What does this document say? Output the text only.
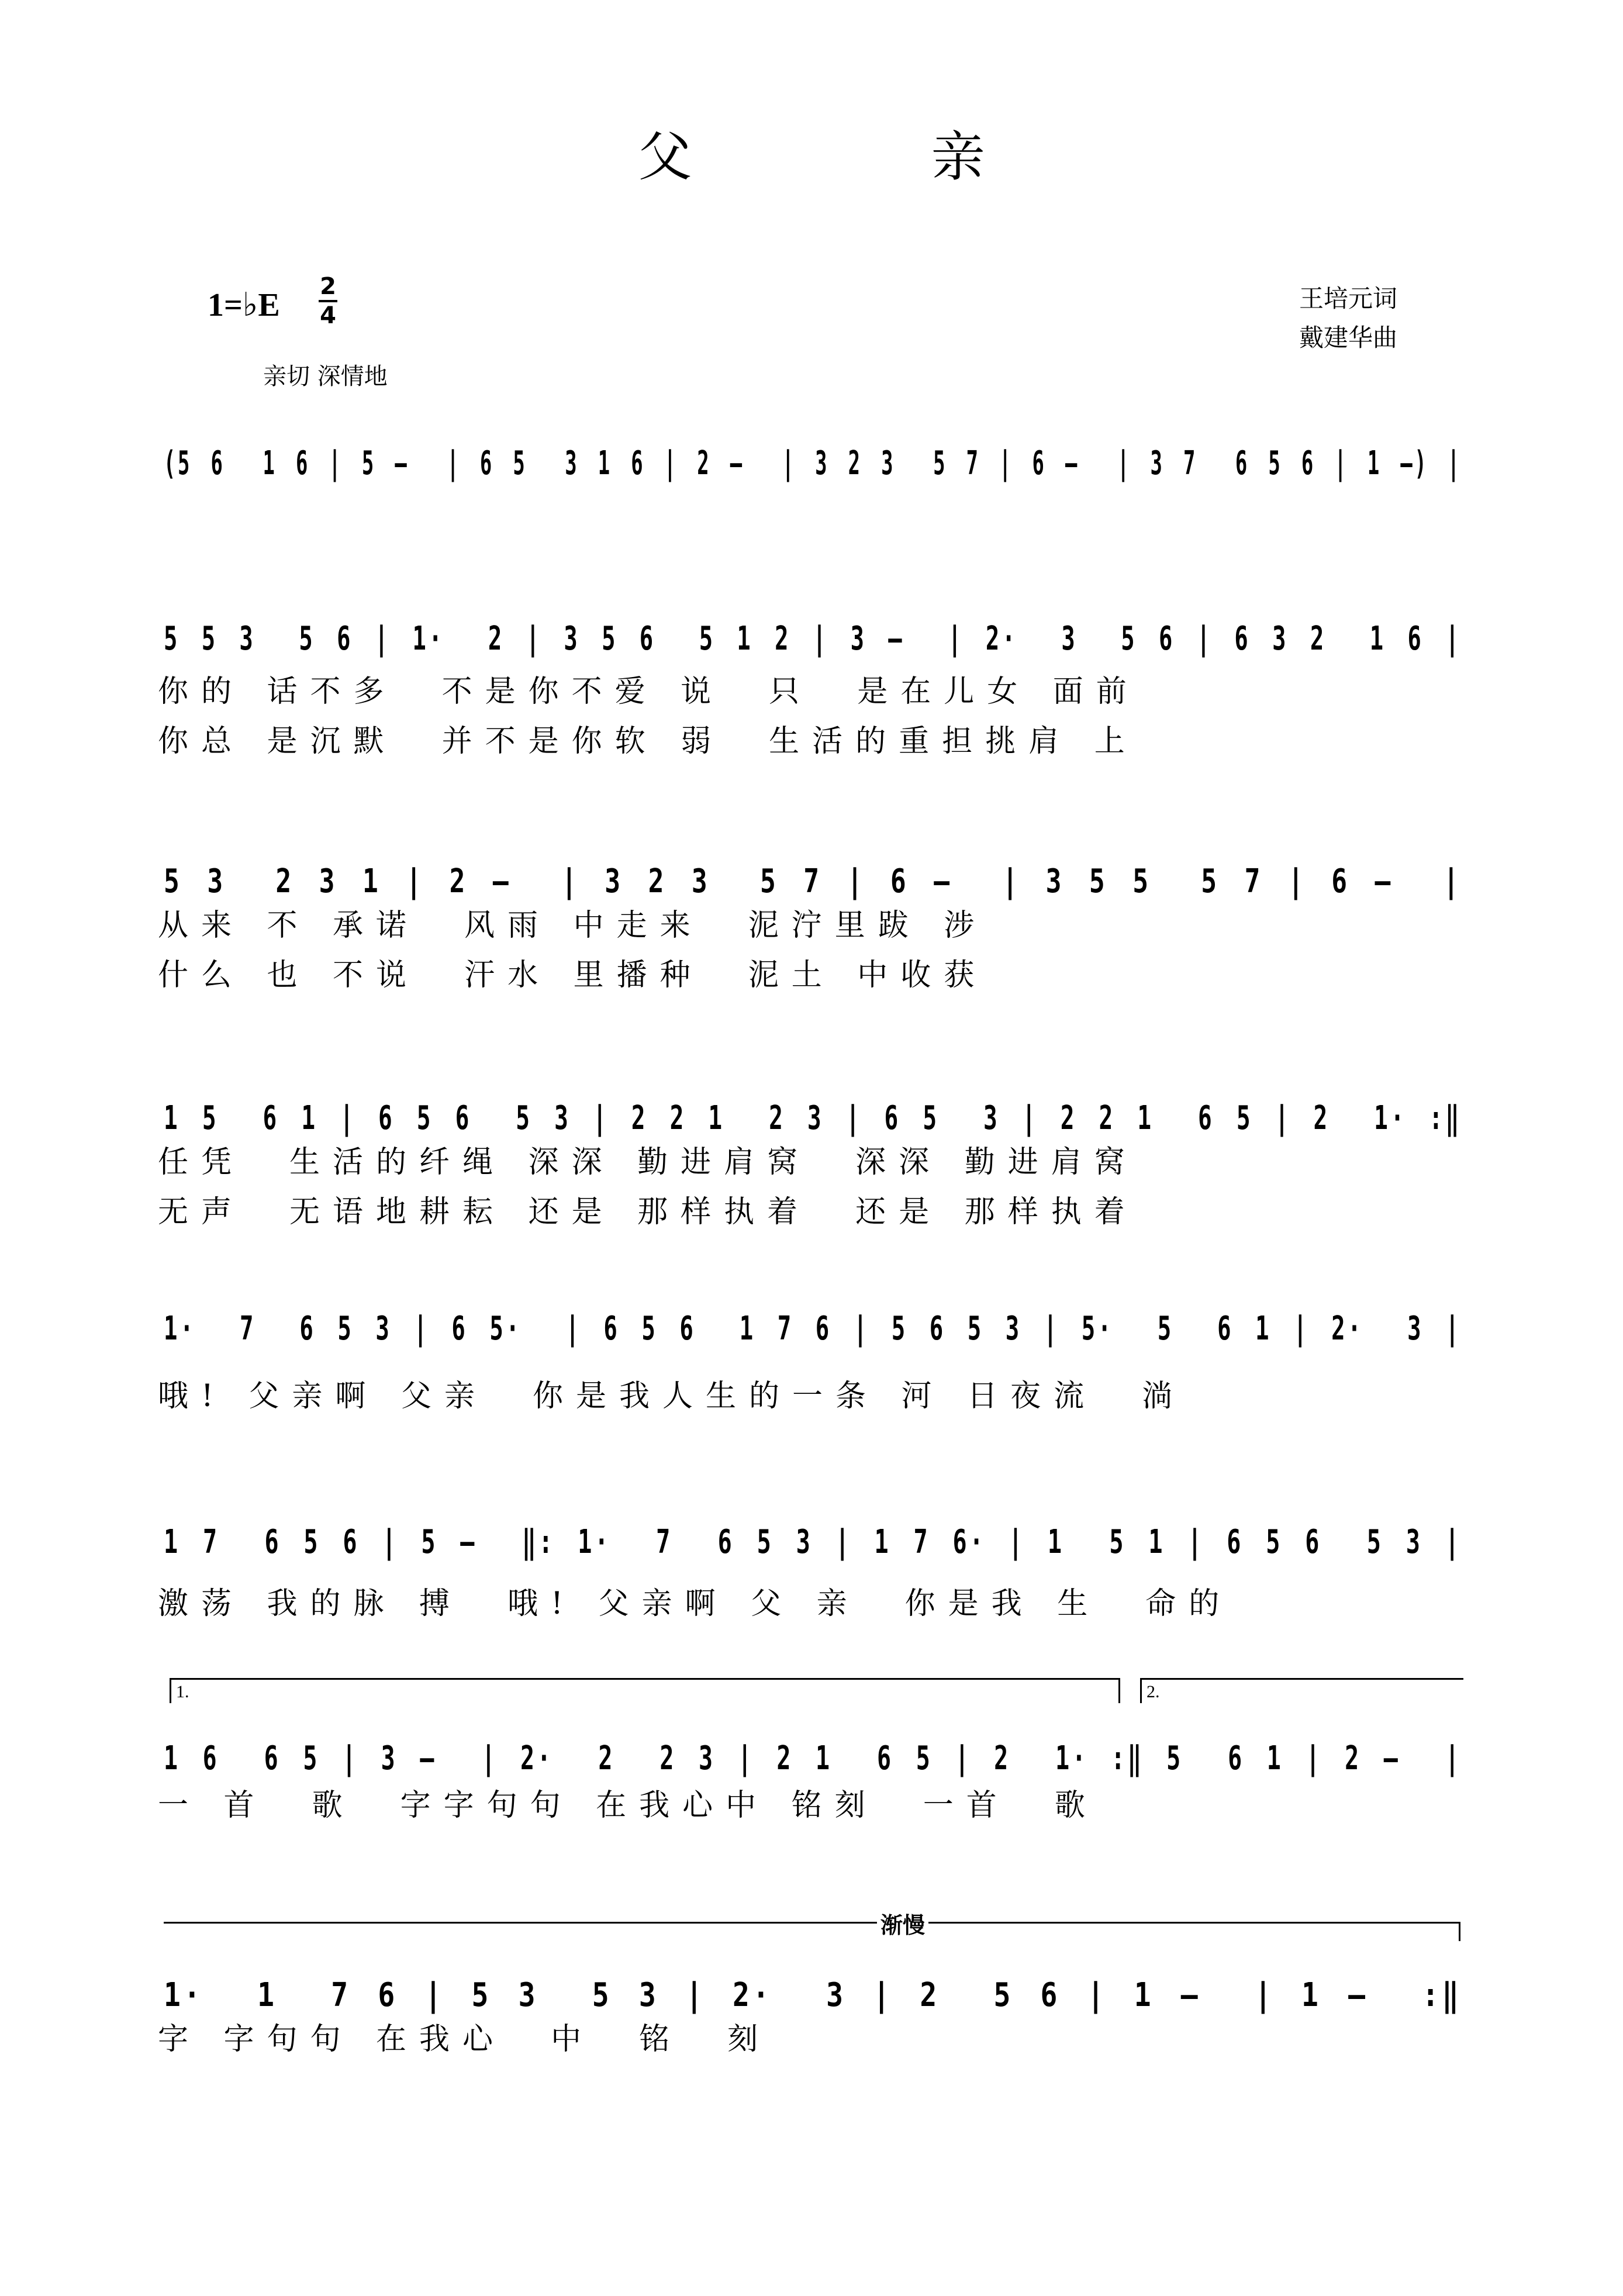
父 亲
1=♭E
2
4
亲切 深情地
王培元词
戴建华曲
(5 6  1 6 | 5 –  | 6 5  3 1 6 | 2 –  | 3 2 3  5 7 | 6 –  | 3 7  6 5 6 | 1 –) |
5 5 3  5 6 | 1·  2 | 3 5 6  5 1 2 | 3 –  | 2·  3  5 6 | 6 3 2  1 6 |
你的 话不多  不是你不爱 说  只  是在儿女 面前
你总 是沉默  并不是你软 弱  生活的重担挑肩 上
5 3  2 3 1 | 2 –  | 3 2 3  5 7 | 6 –  | 3 5 5  5 7 | 6 –  |
从来 不 承诺  风雨 中走来  泥泞里跋 涉
什么 也 不说  汗水 里播种  泥土 中收获
1 5  6 1 | 6 5 6  5 3 | 2 2 1  2 3 | 6 5  3 | 2 2 1  6 5 | 2  1· :‖
任凭  生活的纤绳 深深 勤进肩窝  深深 勤进肩窝
无声  无语地耕耘 还是 那样执着  还是 那样执着
1·  7  6 5 3 | 6 5·  | 6 5 6  1 7 6 | 5 6 5 3 | 5·  5  6 1 | 2·  3 |
哦! 父亲啊 父亲  你是我人生的一条 河 日夜流  淌
1 7  6 5 6 | 5 –  ‖: 1·  7  6 5 3 | 1 7 6· | 1  5 1 | 6 5 6  5 3 |
激荡 我的脉 搏  哦! 父亲啊 父 亲  你是我 生  命的
1 6  6 5 | 3 –  | 2·  2  2 3 | 2 1  6 5 | 2  1· :‖ 5  6 1 | 2 –  |
一 首  歌  字字句句 在我心中 铭刻  一首  歌
1·  1  7 6 | 5 3  5 3 | 2·  3 | 2  5 6 | 1 –  | 1 –  :‖
字 字句句 在我心  中  铭  刻
1.	2.
渐慢
